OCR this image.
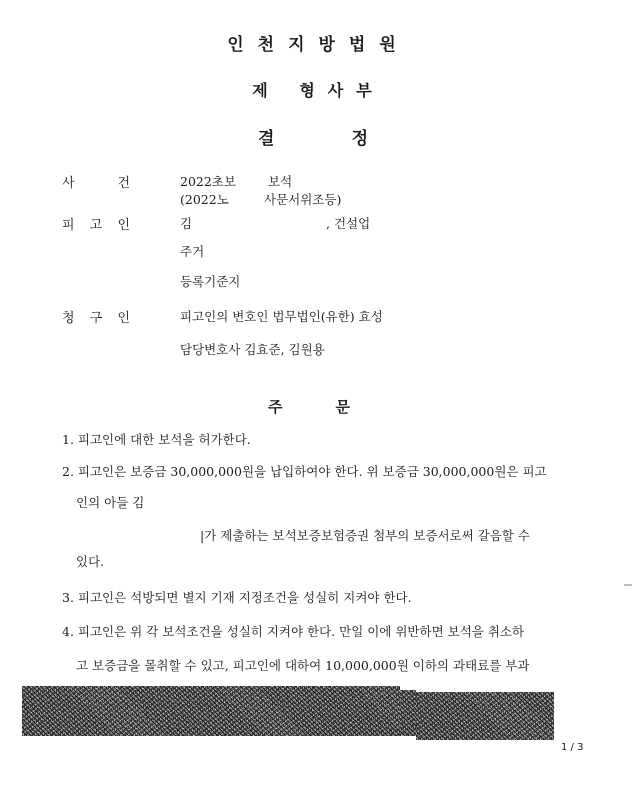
인천지방법원
제 형사부
결	정
사	건	2022초보	보석
(2022노	사문서위조등)
피 고 인	김	, 건설업
주거
등록기준지
청 구 인	피고인의 변호인 법무법인(유한) 효성
담당변호사 김효준, 김원용
주	문
1. 피고인에 대한 보석을 허가한다.
2. 피고인은 보증금 30,000,000원을 납입하여야 한다. 위 보증금 30,000,000원은 피고
인의 아들 김
|가 제출하는 보석보증보험증권 첨부의 보증서로써 갈음할 수
있다.
3. 피고인은 석방되면 별지 기재 지정조건을 성실히 지켜야 한다.
4. 피고인은 위 각 보석조건을 성실히 지켜야 한다. 만일 이에 위반하면 보석을 취소하
고 보증금을 몰취할 수 있고, 피고인에 대하여 10,000,000원 이하의 과태료를 부과
1 / 3
